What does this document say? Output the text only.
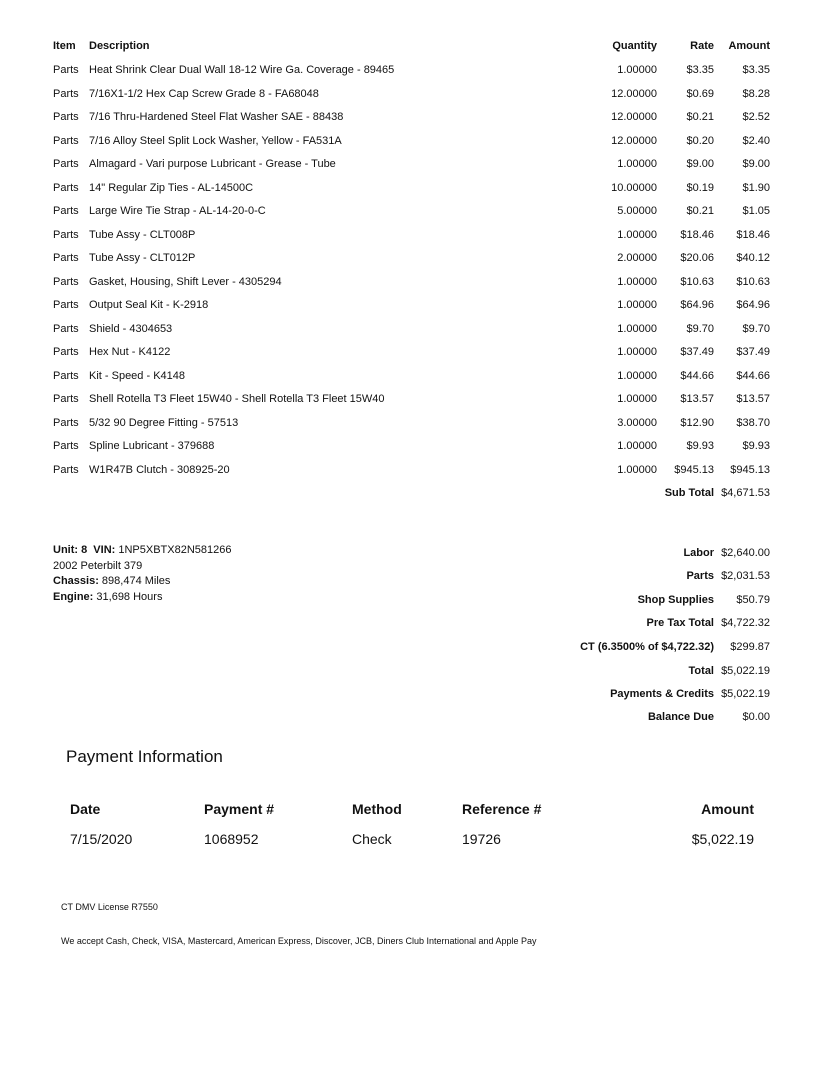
Item Description	Quantity	Rate Amount
Parts Heat Shrink Clear Dual Wall 18-12 Wire Ga. Coverage - 89465	1.00000	$3.35	$3.35
Parts 7/16X1-1/2 Hex Cap Screw Grade 8 - FA68048	12.00000	$0.69	$8.28
Parts 7/16 Thru-Hardened Steel Flat Washer SAE - 88438	12.00000	$0.21	$2.52
Parts 7/16 Alloy Steel Split Lock Washer, Yellow - FA531A	12.00000	$0.20	$2.40
Parts Almagard - Vari purpose Lubricant - Grease - Tube	1.00000	$9.00	$9.00
Parts 14" Regular Zip Ties - AL-14500C	10.00000	$0.19	$1.90
Parts Large Wire Tie Strap - AL-14-20-0-C	5.00000	$0.21	$1.05
Parts Tube Assy - CLT008P	1.00000 $18.46 $18.46
Parts Tube Assy - CLT012P	2.00000 $20.06 $40.12
Parts Gasket, Housing, Shift Lever - 4305294	1.00000 $10.63 $10.63
Parts Output Seal Kit - K-2918	1.00000 $64.96 $64.96
Parts Shield - 4304653	1.00000	$9.70	$9.70
Parts Hex Nut - K4122	1.00000 $37.49 $37.49
Parts Kit - Speed - K4148	1.00000 $44.66 $44.66
Parts Shell Rotella T3 Fleet 15W40 - Shell Rotella T3 Fleet 15W40	1.00000 $13.57 $13.57
Parts 5/32 90 Degree Fitting - 57513	3.00000 $12.90 $38.70
Parts Spline Lubricant - 379688	1.00000	$9.93	$9.93
Parts W1R47B Clutch - 308925-20	1.00000 $945.13 $945.13
Sub Total $4,671.53
Unit: 8 VIN: 1NP5XBTX82N581266
2002 Peterbilt 379
Chassis: 898,474 Miles
Engine: 31,698 Hours
Labor $2,640.00
Parts $2,031.53
Shop Supplies $50.79
Pre Tax Total $4,722.32
CT (6.3500% of $4,722.32) $299.87
Total $5,022.19
Payments & Credits $5,022.19
Balance Due	$0.00
Payment Information
Date	Payment #	Method	Reference #	Amount
7/15/2020	1068952	Check	19726	$5,022.19
CT DMV License R7550
We accept Cash, Check, VISA, Mastercard, American Express, Discover, JCB, Diners Club International and Apple Pay
